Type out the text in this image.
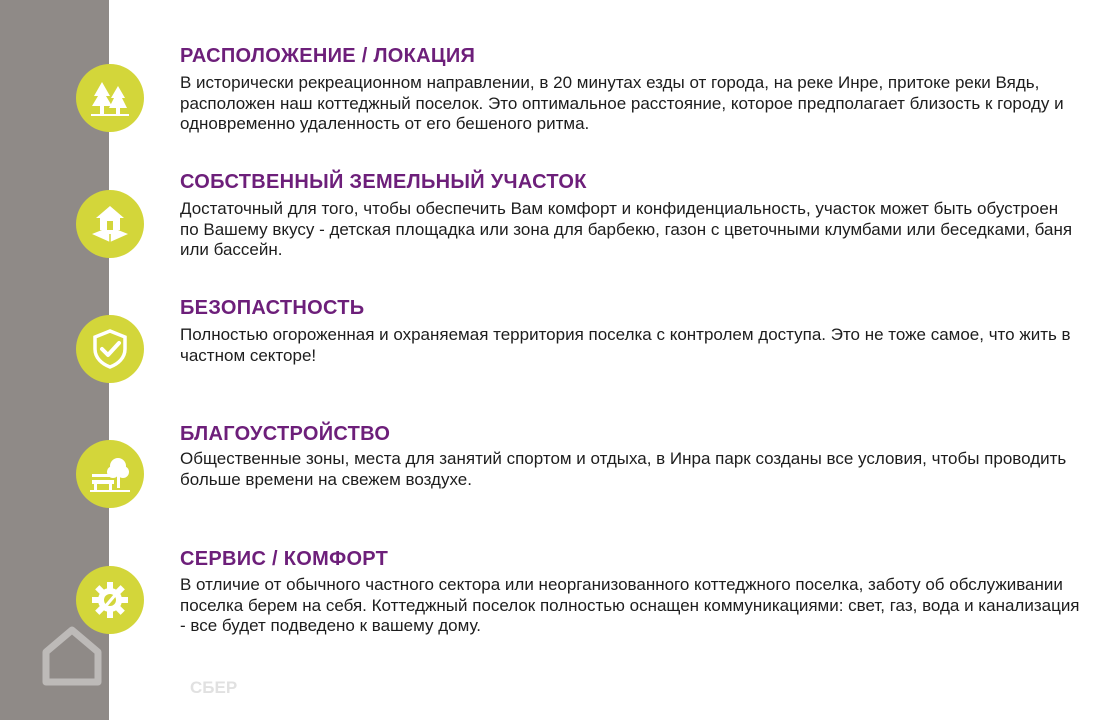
РАСПОЛОЖЕНИЕ / ЛОКАЦИЯ

В исторически рекреационном направлении, в 20 минутах езды от города, на реке Инре, притоке реки Вядь, расположен наш коттеджный поселок. Это оптимальное расстояние, которое предполагает близость к городу и одновременно удаленность от его бешеного ритма.

СОБСТВЕННЫЙ ЗЕМЕЛЬНЫЙ УЧАСТОК

Достаточный для того, чтобы обеспечить Вам комфорт и конфиденциальность, участок может быть обустроен по Вашему вкусу - детская площадка или зона для барбекю, газон с цветочными клумбами или беседками, баня или бассейн.

БЕЗОПАСТНОСТЬ

Полностью огороженная и охраняемая территория поселка с контролем доступа. Это не тоже самое, что жить в частном секторе!

БЛАГОУСТРОЙСТВО

Общественные зоны, места для занятий спортом и отдыха, в Инра парк созданы все условия, чтобы проводить больше времени на свежем воздухе.

СЕРВИС / КОМФОРТ

В отличие от обычного частного сектора или неорганизованного коттеджного поселка, заботу об обслуживании поселка берем на себя. Коттеджный поселок полностью оснащен коммуникациями: свет, газ, вода и канализация - все будет подведено к вашему дому.

ДомКлик
СБЕР
